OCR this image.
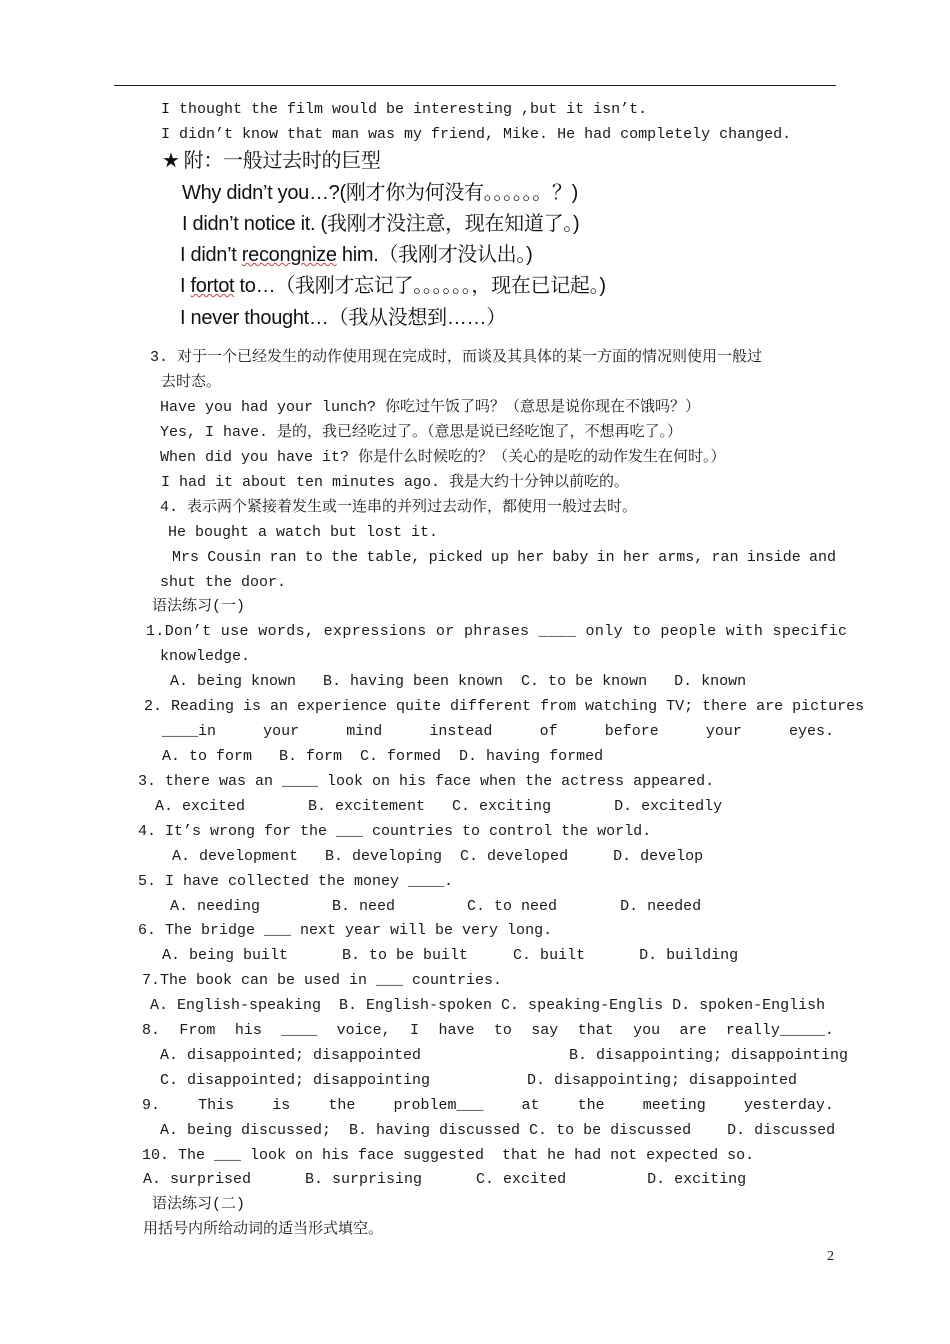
I thought the film would be interesting ,but it isn’t.
I didn’t know that man was my friend, Mike. He had completely changed.
★ 附：一般过去时的巨型
Why didn’t you…?(刚才你为何没有。。。。。。？)
I didn’t notice it. (我刚才没注意，现在知道了。)
I didn’t recongnize him.（我刚才没认出。)
I fortot to…（我刚才忘记了。。。。。。，现在已记起。)
I never thought…（我从没想到……）
3. 对于一个已经发生的动作使用现在完成时，而谈及其具体的某一方面的情况则使用一般过
去时态。
Have you had your lunch? 你吃过午饭了吗？（意思是说你现在不饿吗？）
Yes, I have. 是的，我已经吃过了。（意思是说已经吃饱了，不想再吃了。）
When did you have it? 你是什么时候吃的？（关心的是吃的动作发生在何时。）
I had it about ten minutes ago. 我是大约十分钟以前吃的。
4. 表示两个紧接着发生或一连串的并列过去动作，都使用一般过去时。
He bought a watch but lost it.
Mrs Cousin ran to the table, picked up her baby in her arms, ran inside and
shut the door.
语法练习(一)
1.Don’t use words, expressions or phrases ____ only to people with specific
knowledge.
A. being known   B. having been known  C. to be known   D. known
2. Reading is an experience quite different from watching TV; there are pictures
____in	your	mind	instead	of	before	your	eyes.
A. to form   B. form  C. formed  D. having formed
3. there was an ____ look on his face when the actress appeared.
A. excited       B. excitement   C. exciting       D. excitedly
4. It’s wrong for the ___ countries to control the world.
A. development   B. developing  C. developed     D. develop
5. I have collected the money ____.
A. needing        B. need        C. to need       D. needed
6. The bridge ___ next year will be very long.
A. being built      B. to be built     C. built      D. building
7.The book can be used in ___ countries.
A. English-speaking  B. English-spoken C. speaking-Englis D. spoken-English
8. From his ____ voice, I have to say that you are really_____.
A. disappointed; disappointed	B. disappointing; disappointing
C. disappointed; disappointing	D. disappointing; disappointed
9.	This	is	the	problem___	at	the	meeting	yesterday.
A. being discussed;  B. having discussed C. to be discussed    D. discussed
10. The ___ look on his face suggested  that he had not expected so.
A. surprised      B. surprising      C. excited         D. exciting
语法练习(二)
用括号内所给动词的适当形式填空。
2
